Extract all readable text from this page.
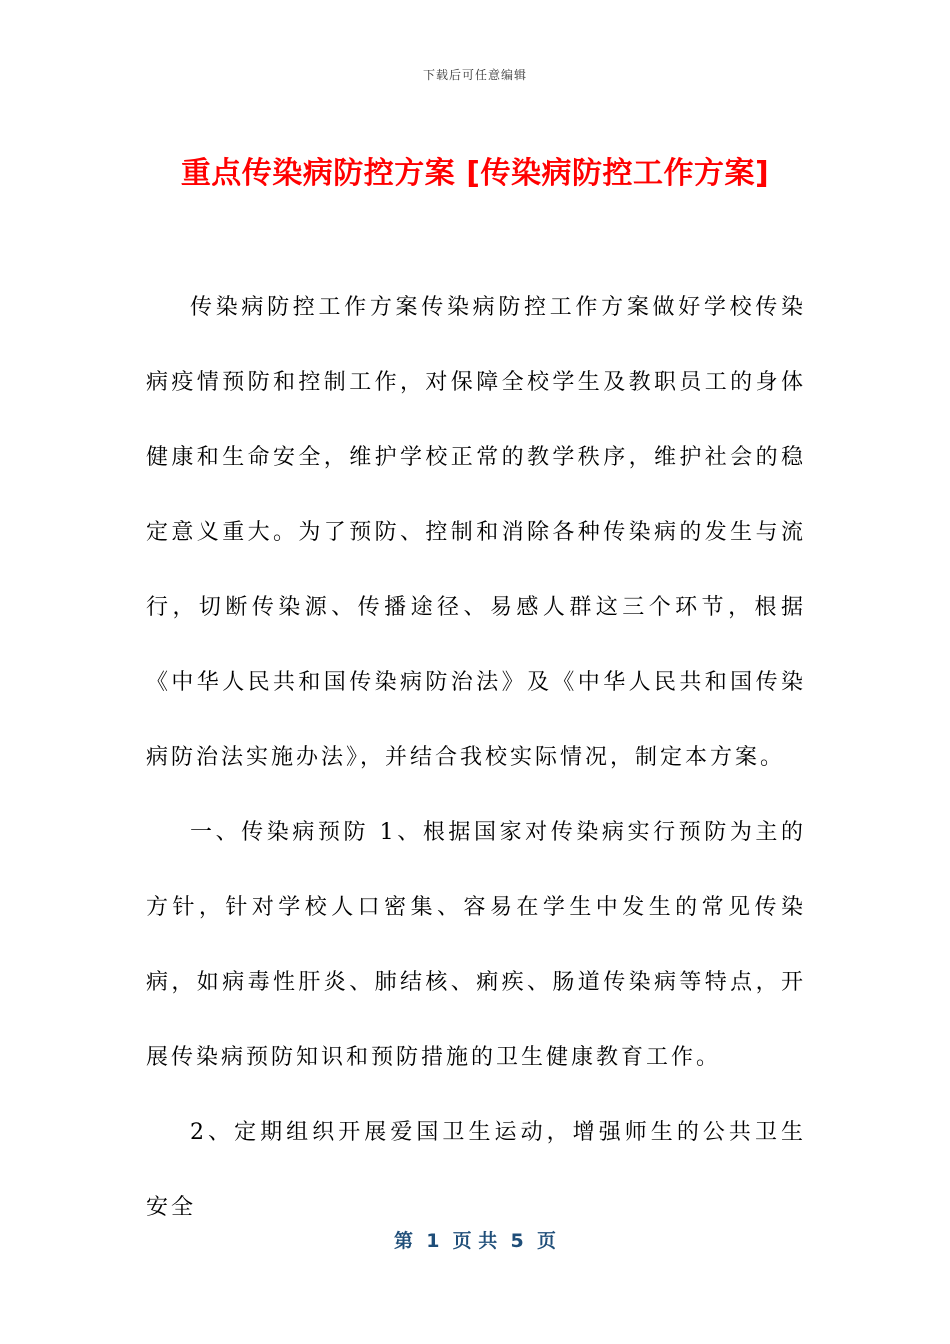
下载后可任意编辑
重点传染病防控方案 [传染病防控工作方案]

传染病防控工作方案传染病防控工作方案做好学校传染病疫情预防和控制工作，对保障全校学生及教职员工的身体健康和生命安全，维护学校正常的教学秩序，维护社会的稳定意义重大。为了预防、控制和消除各种传染病的发生与流行，切断传染源、传播途径、易感人群这三个环节，根据《中华人民共和国传染病防治法》及《中华人民共和国传染病防治法实施办法》，并结合我校实际情况，制定本方案。

一、传染病预防 1、根据国家对传染病实行预防为主的方针，针对学校人口密集、容易在学生中发生的常见传染病，如病毒性肝炎、肺结核、痢疾、肠道传染病等特点，开展传染病预防知识和预防措施的卫生健康教育工作。

2、定期组织开展爱国卫生运动，增强师生的公共卫生安全

第  1  页 共  5  页
